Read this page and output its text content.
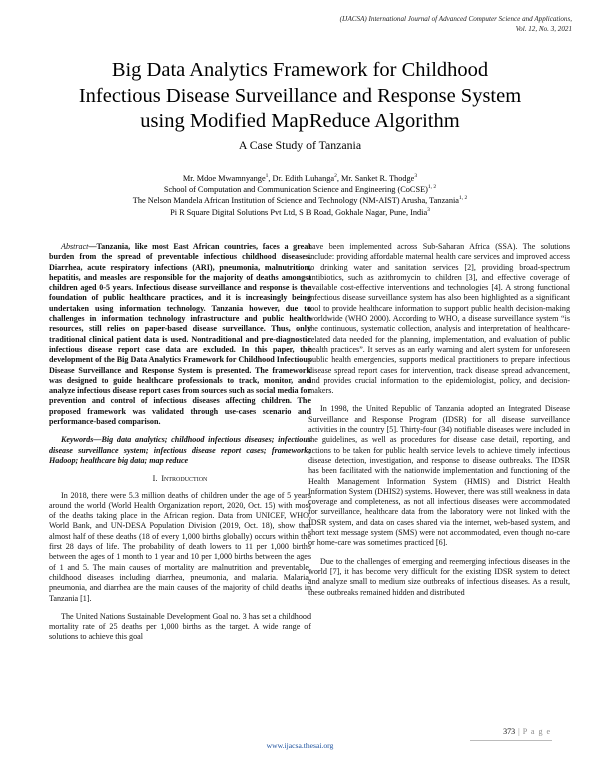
(IJACSA) International Journal of Advanced Computer Science and Applications,
Vol. 12, No. 3, 2021
Big Data Analytics Framework for Childhood
Infectious Disease Surveillance and Response System
using Modified MapReduce Algorithm
A Case Study of Tanzania
Mr. Mdoe Mwamnyange$^1$, Dr. Edith Luhanga$^2$, Mr. Sanket R. Thodge$^3$
School of Computation and Communication Science and Engineering (CoCSE)$^{1, 2}$
The Nelson Mandela African Institution of Science and Technology (NM-AIST) Arusha, Tanzania$^{1, 2}$
Pi R Square Digital Solutions Pvt Ltd, S B Road, Gokhale Nagar, Pune, India$^3$

Abstract—Tanzania, like most East African countries, faces a great burden from the spread of preventable infectious childhood diseases. Diarrhea, acute respiratory infections (ARI), pneumonia, malnutrition, hepatitis, and measles are responsible for the majority of deaths amongst children aged 0-5 years. Infectious disease surveillance and response is the foundation of public healthcare practices, and it is increasingly being undertaken using information technology. Tanzania however, due to challenges in information technology infrastructure and public health resources, still relies on paper-based disease surveillance. Thus, only traditional clinical patient data is used. Nontraditional and pre-diagnostic infectious disease report case data are excluded. In this paper, the development of the Big Data Analytics Framework for Childhood Infectious Disease Surveillance and Response System is presented. The framework was designed to guide healthcare professionals to track, monitor, and analyze infectious disease report cases from sources such as social media for prevention and control of infectious diseases affecting children. The proposed framework was validated through use-cases scenario and performance-based comparison.

Keywords—Big data analytics; childhood infectious diseases; infectious disease surveillance system; infectious disease report cases; framework; Hadoop; healthcare big data; map reduce

I. Introduction

In 2018, there were 5.3 million deaths of children under the age of 5 years around the world (World Health Organization report, 2020, Oct. 15) with most of the deaths taking place in the African region. Data from UNICEF, WHO, World Bank, and UN-DESA Population Division (2019, Oct. 18), show that almost half of these deaths (18 of every 1,000 births globally) occurs within the first 28 days of life. The probability of death lowers to 11 per 1,000 births between the ages of 1 month to 1 year and 10 per 1,000 births between the ages of 1 and 5. The main causes of mortality are malnutrition and preventable, childhood diseases including diarrhea, pneumonia, and malaria. Malaria, pneumonia, and diarrhea are the main causes of the majority of child deaths in Tanzania [1].

The United Nations Sustainable Development Goal no. 3 has set a childhood mortality rate of 25 deaths per 1,000 births as the target. A wide range of solutions to achieve this goal

have been implemented across Sub-Saharan Africa (SSA). The solutions include: providing affordable maternal health care services and improved access to drinking water and sanitation services [2], providing broad-spectrum antibiotics, such as azithromycin to children [3], and effective coverage of available cost-effective interventions and technologies [4]. A strong functional infectious disease surveillance system has also been highlighted as a significant tool to provide healthcare information to support public health decision-making worldwide (WHO 2000). According to WHO, a disease surveillance system “is the continuous, systematic collection, analysis and interpretation of healthcare-related data needed for the planning, implementation, and evaluation of public health practices”. It serves as an early warning and alert system for unforeseen public health emergencies, supports medical practitioners to prepare infectious disease spread report cases for intervention, track disease spread advancement, and provides crucial information to the epidemiologist, policy, and decision-makers.

In 1998, the United Republic of Tanzania adopted an Integrated Disease Surveillance and Response Program (IDSR) for all disease surveillance activities in the country [5]. Thirty-four (34) notifiable diseases were included in the guidelines, as well as procedures for disease case detail, reporting, and actions to be taken for public health service levels to achieve timely infectious disease detection, investigation, and response to disease outbreaks. The IDSR has been facilitated with the nationwide implementation and functioning of the Health Management Information System (HMIS) and District Health Information System (DHIS2) systems. However, there was still weakness in data coverage and completeness, as not all infectious diseases were accommodated for surveillance, healthcare data from the laboratory were not linked with the IDSR system, and data on cases shared via the internet, web-based system, and short text message system (SMS) were not accommodated, even though no-care or home-care was sometimes practiced [6].

Due to the challenges of emerging and reemerging infectious diseases in the world [7], it has become very difficult for the existing IDSR system to detect and analyze small to medium size outbreaks of infectious diseases. As a result, these outbreaks remained hidden and distributed

373 | P a g e
www.ijacsa.thesai.org
